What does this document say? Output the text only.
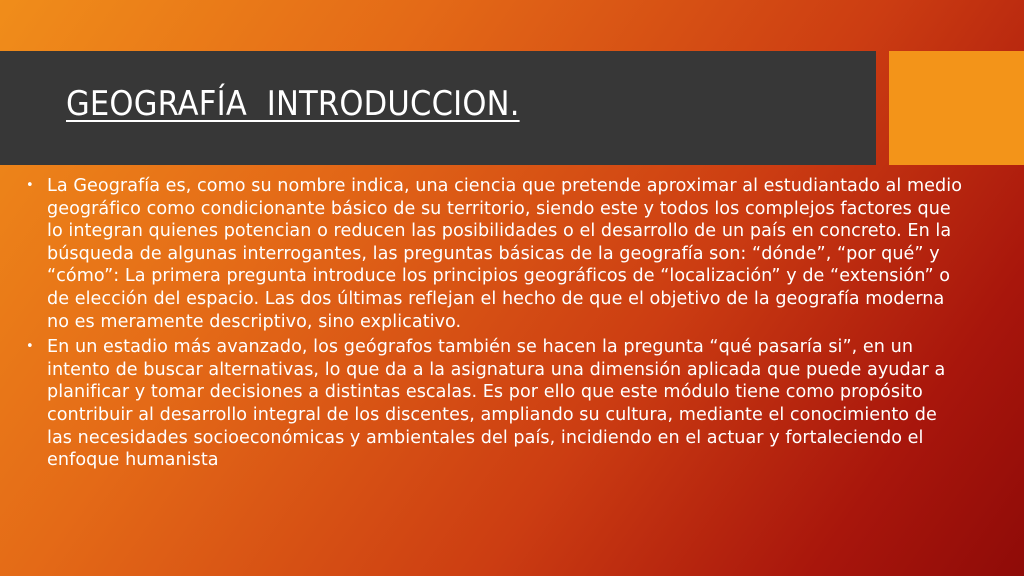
GEOGRAFÍA  INTRODUCCION.
• La Geografía es, como su nombre indica, una ciencia que pretende aproximar al estudiantado al medio geográfico como condicionante básico de su territorio, siendo este y todos los complejos factores que lo integran quienes potencian o reducen las posibilidades o el desarrollo de un país en concreto. En la búsqueda de algunas interrogantes, las preguntas básicas de la geografía son: “dónde”, “por qué” y “cómo”: La primera pregunta introduce los principios geográficos de “localización” y de “extensión” o de elección del espacio. Las dos últimas reflejan el hecho de que el objetivo de la geografía moderna no es meramente descriptivo, sino explicativo.
• En un estadio más avanzado, los geógrafos también se hacen la pregunta “qué pasaría si”, en un intento de buscar alternativas, lo que da a la asignatura una dimensión aplicada que puede ayudar a planificar y tomar decisiones a distintas escalas. Es por ello que este módulo tiene como propósito contribuir al desarrollo integral de los discentes, ampliando su cultura, mediante el conocimiento de las necesidades socioeconómicas y ambientales del país, incidiendo en el actuar y fortaleciendo el enfoque humanista
